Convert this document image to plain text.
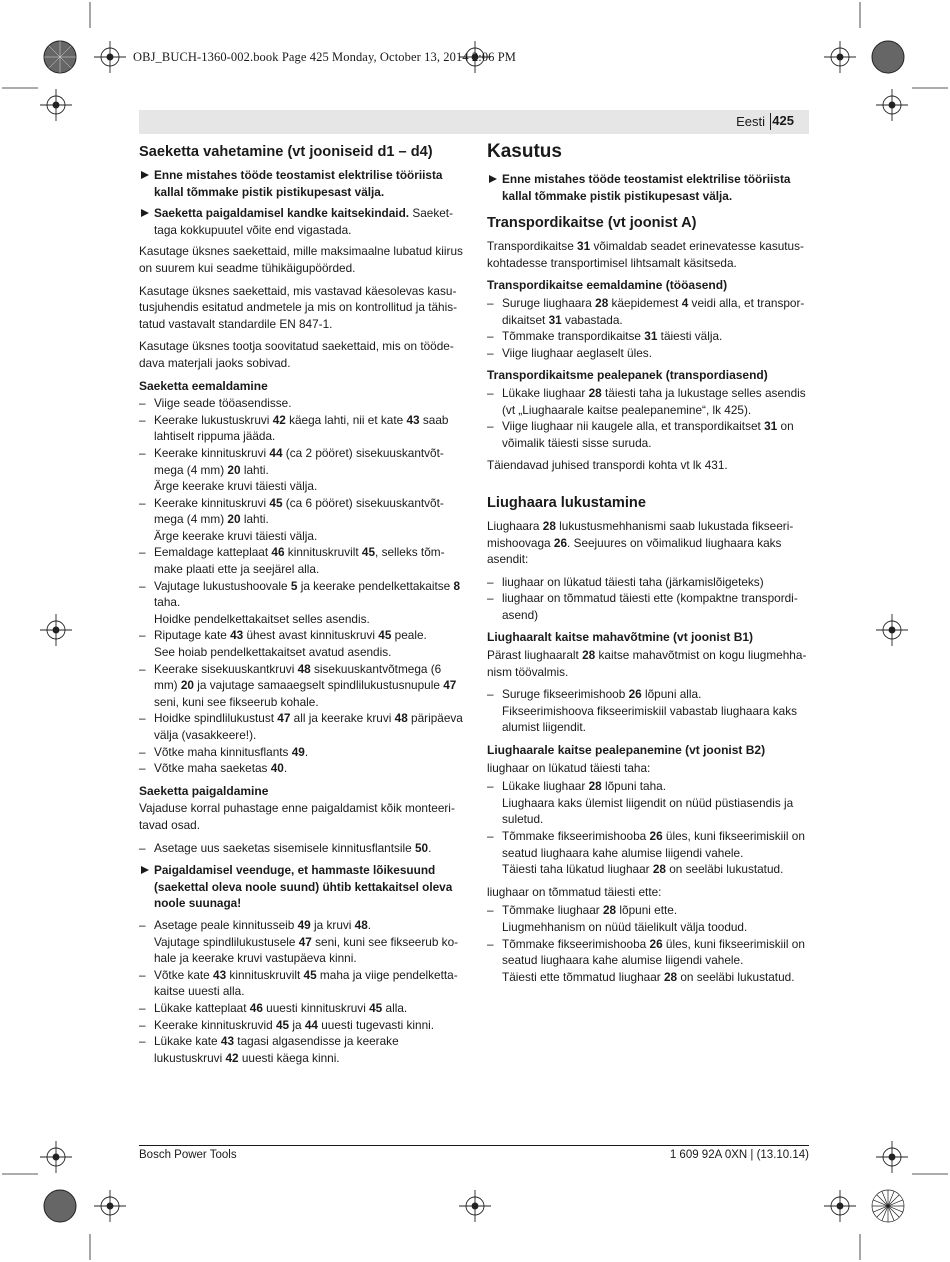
OBJ_BUCH-1360-002.book Page 425 Monday, October 13, 2014 2:06 PM
Eesti 425
Saeketta vahetamine (vt jooniseid d1 – d4)
Enne mistahes tööde teostamist elektrilise tööriista kallal tõmmake pistik pistikupesast välja.
Saeketta paigaldamisel kandke kaitsekindaid. Saekettaga kokkupuutel võite end vigastada.

Kasutage üksnes saekettaid, mille maksimaalne lubatud kiirus on suurem kui seadme tühikäigupöörded.

Kasutage üksnes saekettaid, mis vastavad käesolevas kasutusjuhendis esitatud andmetele ja mis on kontrollitud ja tähistatud vastavalt standardile EN 847-1.

Kasutage üksnes tootja soovitatud saekettaid, mis on töödedava materjali jaoks sobivad.

Saeketta eemaldamine
– Viige seade tööasendisse.
– Keerake lukustuskruvi 42 käega lahti, nii et kate 43 saab lahtiselt rippuma jääda.
– Keerake kinnituskruvi 44 (ca 2 pööret) sisekuuskantvõtmega (4 mm) 20 lahti.
Ärge keerake kruvi täiesti välja.
– Keerake kinnituskruvi 45 (ca 6 pööret) sisekuuskantvõtmega (4 mm) 20 lahti.
Ärge keerake kruvi täiesti välja.
– Eemaldage katteplaat 46 kinnituskruvilt 45, selleks tõmmake plaati ette ja seejärel alla.
– Vajutage lukustushoovale 5 ja keerake pendelkettakaitse 8 taha.
Hoidke pendelkettakaitset selles asendis.
– Riputage kate 43 ühest avast kinnituskruvi 45 peale.
See hoiab pendelkettakaitset avatud asendis.
– Keerake sisekuuskantkruvi 48 sisekuuskantvõtmega (6 mm) 20 ja vajutage samaaegselt spindlilukustusnupule 47 seni, kuni see fikseerub kohale.
– Hoidke spindlilukustust 47 all ja keerake kruvi 48 päripäeva välja (vasakkeere!).
– Võtke maha kinnitusflants 49.
– Võtke maha saeketas 40.
Saeketta paigaldamine

Vajaduse korral puhastage enne paigaldamist kõik monteeritavad osad.

– Asetage uus saeketas sisemisele kinnitusflantsile 50.
Paigaldamisel veenduge, et hammaste lõikesuund (saekettal oleva noole suund) ühtib kettakaitsel oleva noole suunaga!
– Asetage peale kinnitusseib 49 ja kruvi 48.
Vajutage spindlilukustusele 47 seni, kuni see fikseerub kohale ja keerake kruvi vastupäeva kinni.
– Võtke kate 43 kinnituskruvilt 45 maha ja viige pendelkettakaitse uuesti alla.
– Lükake katteplaat 46 uuesti kinnituskruvi 45 alla.
– Keerake kinnituskruvid 45 ja 44 uuesti tugevasti kinni.
– Lükake kate 43 tagasi algasendisse ja keerake lukustuskruvi 42 uuesti käega kinni.
Kasutus
Enne mistahes tööde teostamist elektrilise tööriista kallal tõmmake pistik pistikupesast välja.
Transpordikaitse (vt joonist A)

Transpordikaitse 31 võimaldab seadet erinevatesse kasutuskohtadesse transportimisel lihtsamalt käsitseda.

Transpordikaitse eemaldamine (tööasend)
– Suruge liughaara 28 käepidemest 4 veidi alla, et transpordikaitset 31 vabastada.
– Tõmmake transpordikaitse 31 täiesti välja.
– Viige liughaar aeglaselt üles.
Transpordikaitsme pealepanek (transpordiasend)
– Lükake liughaar 28 täiesti taha ja lukustage selles asendis (vt „Liughaarale kaitse pealepanemine“, lk 425).
– Viige liughaar nii kaugele alla, et transpordikaitset 31 on võimalik täiesti sisse suruda.

Täiendavad juhised transpordi kohta vt lk 431.

Liughaara lukustamine

Liughaara 28 lukustusmehhanismi saab lukustada fikseerimishoovaga 26. Seejuures on võimalikud liughaara kaks asendit:

– liughaar on lükatud täiesti taha (järkamislõigeteks)
– liughaar on tõmmatud täiesti ette (kompaktne transpordiasend)
Liughaaralt kaitse mahavõtmine (vt joonist B1)

Pärast liughaaralt 28 kaitse mahavõtmist on kogu liugmehhanism töövalmis.

– Suruge fikseerimishoob 26 lõpuni alla.
Fikseerimishoova fikseerimiskiil vabastab liughaara kaks alumist liigendit.
Liughaarale kaitse pealepanemine (vt joonist B2)

liughaar on lükatud täiesti taha:

– Lükake liughaar 28 lõpuni taha.
Liughaara kaks ülemist liigendit on nüüd püstiasendis ja suletud.
– Tõmmake fikseerimishooba 26 üles, kuni fikseerimiskiil on seatud liughaara kahe alumise liigendi vahele.
Täiesti taha lükatud liughaar 28 on seeläbi lukustatud.

liughaar on tõmmatud täiesti ette:

– Tõmmake liughaar 28 lõpuni ette.
Liugmehhanism on nüüd täielikult välja toodud.
– Tõmmake fikseerimishooba 26 üles, kuni fikseerimiskiil on seatud liughaara kahe alumise liigendi vahele.
Täiesti ette tõmmatud liughaar 28 on seeläbi lukustatud.
Bosch Power Tools	1 609 92A 0XN | (13.10.14)
